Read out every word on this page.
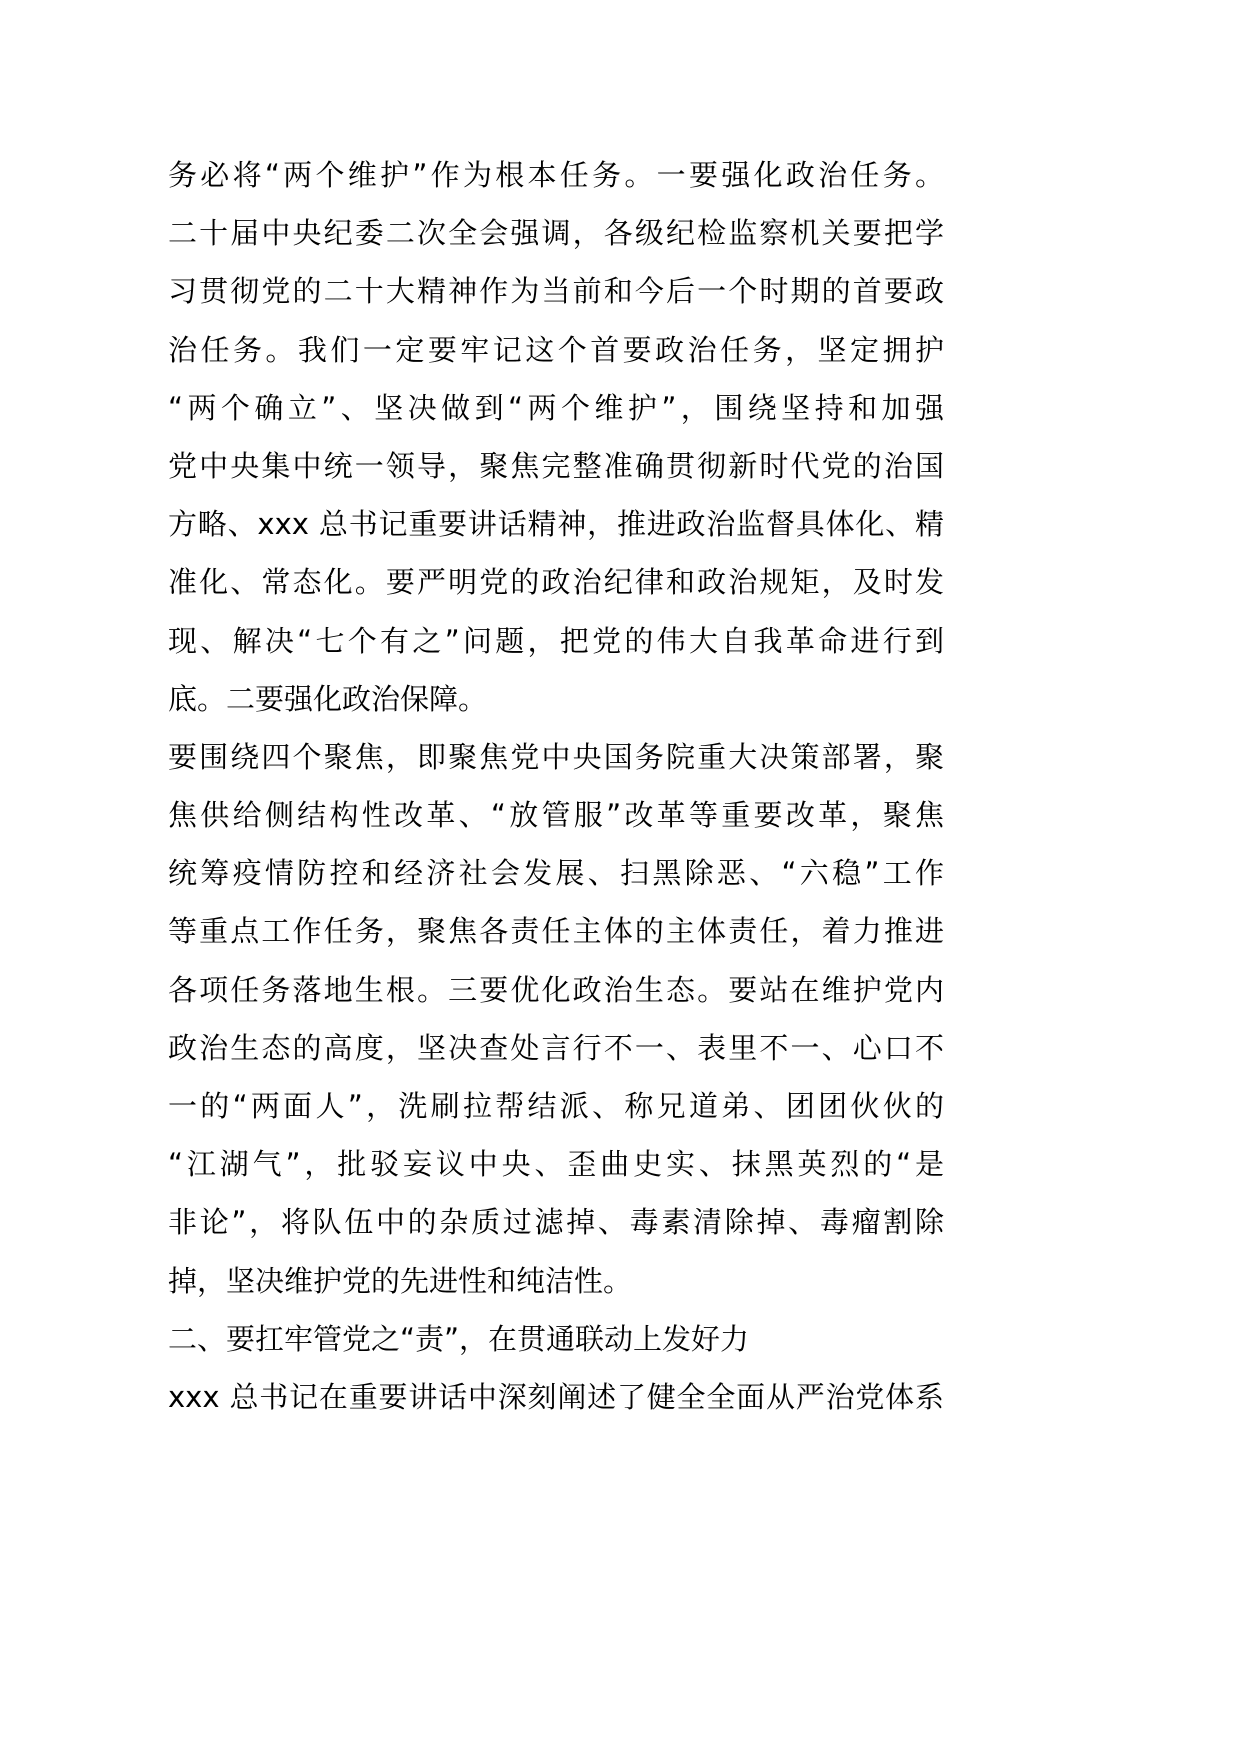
务必将“两个维护”作为根本任务。一要强化政治任务。
二十届中央纪委二次全会强调，各级纪检监察机关要把学
习贯彻党的二十大精神作为当前和今后一个时期的首要政
治任务。我们一定要牢记这个首要政治任务，坚定拥护
“两个确立”、坚决做到“两个维护”，围绕坚持和加强
党中央集中统一领导，聚焦完整准确贯彻新时代党的治国
方略、xxx 总书记重要讲话精神，推进政治监督具体化、精
准化、常态化。要严明党的政治纪律和政治规矩，及时发
现、解决“七个有之”问题，把党的伟大自我革命进行到
底。二要强化政治保障。
要围绕四个聚焦，即聚焦党中央国务院重大决策部署，聚
焦供给侧结构性改革、“放管服”改革等重要改革，聚焦
统筹疫情防控和经济社会发展、扫黑除恶、“六稳”工作
等重点工作任务，聚焦各责任主体的主体责任，着力推进
各项任务落地生根。三要优化政治生态。要站在维护党内
政治生态的高度，坚决查处言行不一、表里不一、心口不
一的“两面人”，洗刷拉帮结派、称兄道弟、团团伙伙的
“江湖气”，批驳妄议中央、歪曲史实、抹黑英烈的“是
非论”，将队伍中的杂质过滤掉、毒素清除掉、毒瘤割除
掉，坚决维护党的先进性和纯洁性。
二、要扛牢管党之“责”，在贯通联动上发好力
xxx 总书记在重要讲话中深刻阐述了健全全面从严治党体系
